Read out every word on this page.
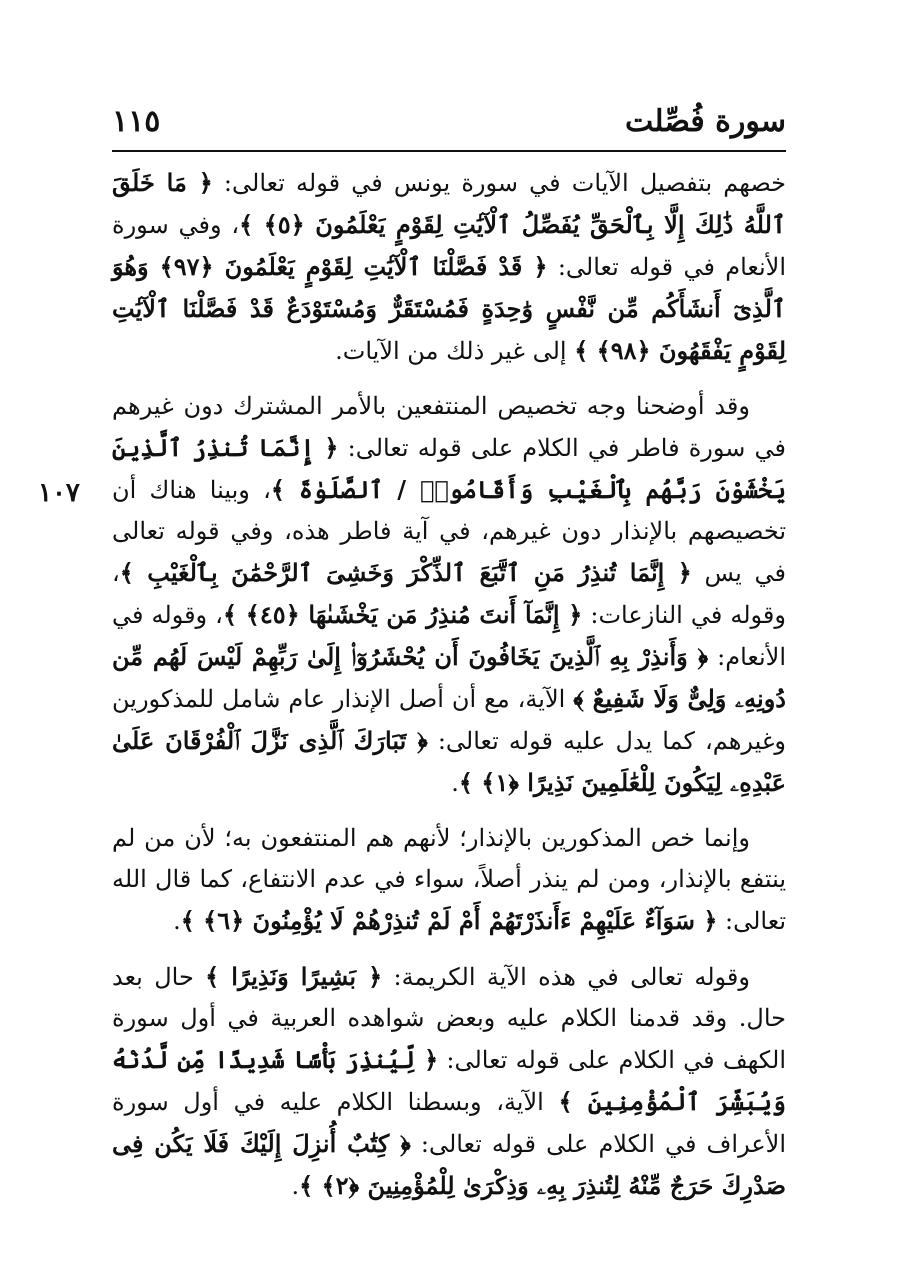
١١٥	سورة فُصِّلت
١٠٧

خصهم بتفصيل الآيات في سورة يونس في قوله تعالى: ﴿ مَا خَلَقَ ٱللَّهُ ذَٰلِكَ إِلَّا بِٱلْحَقِّ يُفَصِّلُ ٱلْآيَٰتِ لِقَوْمٍ يَعْلَمُونَ ﴿٥﴾ ﴾، وفي سورة الأنعام في قوله تعالى: ﴿ قَدْ فَصَّلْنَا ٱلْآيَٰتِ لِقَوْمٍ يَعْلَمُونَ ﴿٩٧﴾ وَهُوَ ٱلَّذِىٓ أَنشَأَكُم مِّن نَّفْسٍ وَٰحِدَةٍ فَمُسْتَقَرٌّ وَمُسْتَوْدَعٌ قَدْ فَصَّلْنَا ٱلْآيَٰتِ لِقَوْمٍ يَفْقَهُونَ ﴿٩٨﴾ ﴾ إلى غير ذلك من الآيات.

وقد أوضحنا وجه تخصيص المنتفعين بالأمر المشترك دون غيرهم في سورة فاطر في الكلام على قوله تعالى: ﴿ إِنَّمَا تُنذِرُ ٱلَّذِينَ يَخْشَوْنَ رَبَّهُم بِٱلْغَيْبِ وَأَقَامُوا۟ / ٱلصَّلَوٰةَ ﴾، وبينا هناك أن تخصيصهم بالإنذار دون غيرهم، في آية فاطر هذه، وفي قوله تعالى في يس ﴿ إِنَّمَا تُنذِرُ مَنِ ٱتَّبَعَ ٱلذِّكْرَ وَخَشِىَ ٱلرَّحْمَٰنَ بِٱلْغَيْبِ ﴾، وقوله في النازعات: ﴿ إِنَّمَآ أَنتَ مُنذِرُ مَن يَخْشَىٰهَا ﴿٤٥﴾ ﴾، وقوله في الأنعام: ﴿ وَأَنذِرْ بِهِ ٱلَّذِينَ يَخَافُونَ أَن يُحْشَرُوٓا۟ إِلَىٰ رَبِّهِمْ لَيْسَ لَهُم مِّن دُونِهِۦ وَلِىٌّ وَلَا شَفِيعٌ ﴾ الآية، مع أن أصل الإنذار عام شامل للمذكورين وغيرهم، كما يدل عليه قوله تعالى: ﴿ تَبَارَكَ ٱلَّذِى نَزَّلَ ٱلْفُرْقَانَ عَلَىٰ عَبْدِهِۦ لِيَكُونَ لِلْعَٰلَمِينَ نَذِيرًا ﴿١﴾ ﴾.

وإنما خص المذكورين بالإنذار؛ لأنهم هم المنتفعون به؛ لأن من لم ينتفع بالإنذار، ومن لم ينذر أصلاً، سواء في عدم الانتفاع، كما قال الله تعالى: ﴿ سَوَآءٌ عَلَيْهِمْ ءَأَنذَرْتَهُمْ أَمْ لَمْ تُنذِرْهُمْ لَا يُؤْمِنُونَ ﴿٦﴾ ﴾.

وقوله تعالى في هذه الآية الكريمة: ﴿ بَشِيرًا وَنَذِيرًا ﴾ حال بعد حال. وقد قدمنا الكلام عليه وبعض شواهده العربية في أول سورة الكهف في الكلام على قوله تعالى: ﴿ لِّيُنذِرَ بَأْسًا شَدِيدًا مِّن لَّدُنْهُ وَيُبَشِّرَ ٱلْمُؤْمِنِينَ ﴾ الآية، وبسطنا الكلام عليه في أول سورة الأعراف في الكلام على قوله تعالى: ﴿ كِتَٰبٌ أُنزِلَ إِلَيْكَ فَلَا يَكُن فِى صَدْرِكَ حَرَجٌ مِّنْهُ لِتُنذِرَ بِهِۦ وَذِكْرَىٰ لِلْمُؤْمِنِينَ ﴿٢﴾ ﴾.
